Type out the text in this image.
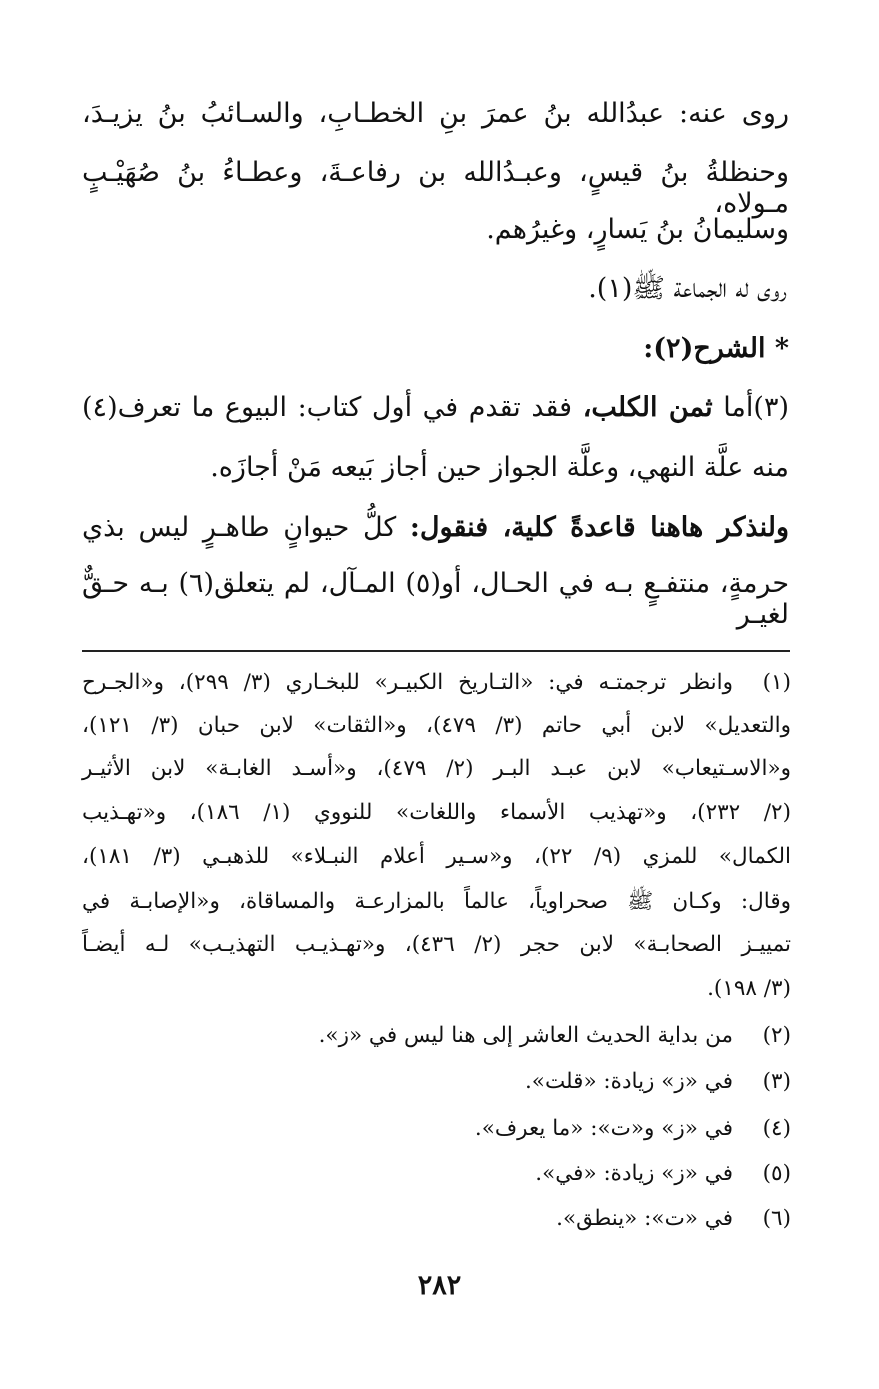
روى عنه: عبدُالله بنُ عمرَ بنِ الخطـابِ، والسـائبُ بنُ يزيـدَ،
وحنظلةُ بنُ قيسٍ، وعبـدُالله بن رفاعـةَ، وعطـاءُ بنُ صُهَيْـبٍ مـولاه،
وسليمانُ بنُ يَسارٍ، وغيرُهم.
روى له الجماعة ﷺ(١).
* الشرح(٢):
(٣)أما ثمن الكلب، فقد تقدم في أول كتاب: البيوع ما تعرف(٤)
منه علَّة النهي، وعلَّة الجواز حين أجاز بَيعه مَنْ أجازَه.
ولنذكر هاهنا قاعدةً كلية، فنقول: كلُّ حيوانٍ طاهـرٍ ليس بذي
حرمةٍ، منتفـعٍ بـه في الحـال، أو(٥) المـآل، لم يتعلق(٦) بـه حـقٌّ لغيـر
(١)
وانظر ترجمتـه في: «التـاريخ الكبيـر» للبخـاري (٣/ ٢٩٩)، و«الجـرح
والتعديل» لابن أبي حاتم (٣/ ٤٧٩)، و«الثقات» لابن حبان (٣/ ١٢١)،
و«الاسـتيعاب» لابن عبـد البـر (٢/ ٤٧٩)، و«أسـد الغابـة» لابن الأثيـر
(٢/ ٢٣٢)، و«تهذيب الأسماء واللغات» للنووي (١/ ١٨٦)، و«تهـذيب
الكمال» للمزي (٩/ ٢٢)، و«سـير أعلام النبـلاء» للذهبـي (٣/ ١٨١)،
وقال: وكـان ﷺ صحراوياً، عالماً بالمزارعـة والمساقاة، و«الإصابـة في
تمييـز الصحابـة» لابن حجر (٢/ ٤٣٦)، و«تهـذيـب التهذيـب» لـه أيضـاً
(٣/ ١٩٨).
(٢)
من بداية الحديث العاشر إلى هنا ليس في «ز».
(٣)
في «ز» زيادة: «قلت».
(٤)
في «ز» و«ت»: «ما يعرف».
(٥)
في «ز» زيادة: «في».
(٦)
في «ت»: «ينطق».
٢٨٢
